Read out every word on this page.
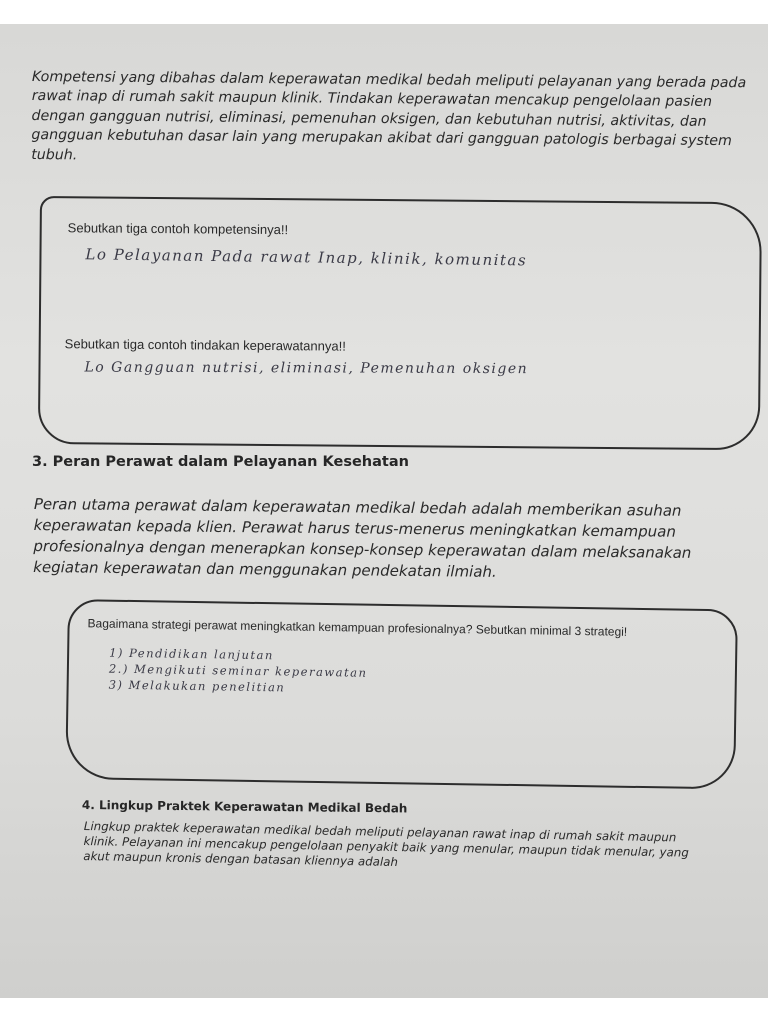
Kompetensi yang dibahas dalam keperawatan medikal bedah meliputi pelayanan yang berada pada rawat inap di rumah sakit maupun klinik. Tindakan keperawatan mencakup pengelolaan pasien dengan gangguan nutrisi, eliminasi, pemenuhan oksigen, dan kebutuhan nutrisi, aktivitas, dan gangguan kebutuhan dasar lain yang merupakan akibat dari gangguan patologis berbagai system tubuh.

Sebutkan tiga contoh kompetensinya!!

Lo Pelayanan Pada rawat Inap, klinik, komunitas

Sebutkan tiga contoh tindakan keperawatannya!!

Lo Gangguan nutrisi, eliminasi, Pemenuhan oksigen

3. Peran Perawat dalam Pelayanan Kesehatan

Peran utama perawat dalam keperawatan medikal bedah adalah memberikan asuhan keperawatan kepada klien. Perawat harus terus-menerus meningkatkan kemampuan profesionalnya dengan menerapkan konsep-konsep keperawatan dalam melaksanakan kegiatan keperawatan dan menggunakan pendekatan ilmiah.

Bagaimana strategi perawat meningkatkan kemampuan profesionalnya? Sebutkan minimal 3 strategi!

1) Pendidikan lanjutan

2.) Mengikuti seminar keperawatan

3) Melakukan penelitian

4. Lingkup Praktek Keperawatan Medikal Bedah

Lingkup praktek keperawatan medikal bedah meliputi pelayanan rawat inap di rumah sakit maupun klinik. Pelayanan ini mencakup pengelolaan penyakit baik yang menular, maupun tidak menular, yang akut maupun kronis dengan batasan kliennya adalah
